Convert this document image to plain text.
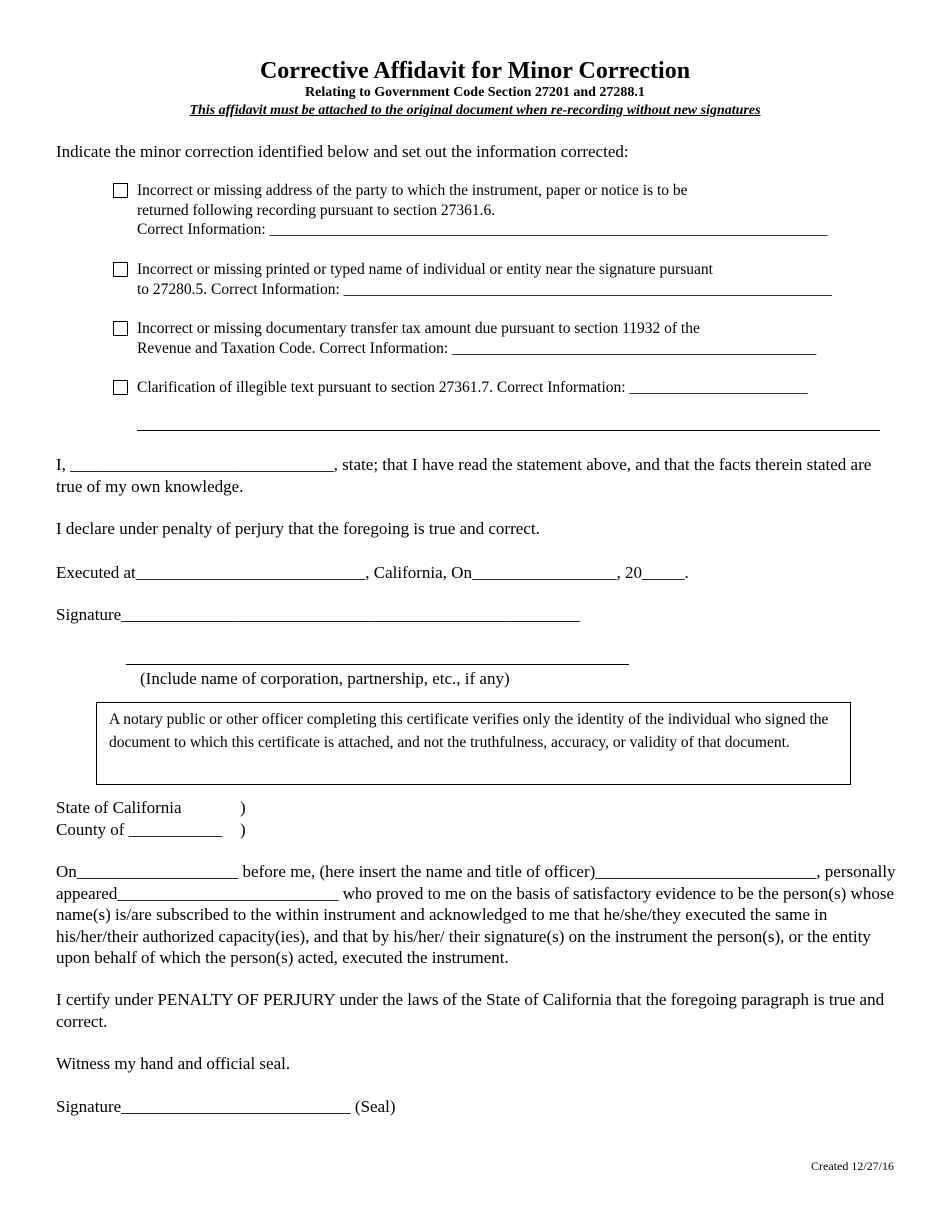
Corrective Affidavit for Minor Correction
Relating to Government Code Section 27201 and 27288.1
This affidavit must be attached to the original document when re-recording without new signatures
Indicate the minor correction identified below and set out the information corrected:
Incorrect or missing address of the party to which the instrument, paper or notice is to be
returned following recording pursuant to section 27361.6.
Correct Information: ________________________________________________________________________
Incorrect or missing printed or typed name of individual or entity near the signature pursuant
to 27280.5. Correct Information: _______________________________________________________________
Incorrect or missing documentary transfer tax amount due pursuant to section 11932 of the
Revenue and Taxation Code. Correct Information: _______________________________________________
Clarification of illegible text pursuant to section 27361.7. Correct Information: _______________________
I, _______________________________, state; that I have read the statement above, and that the facts therein stated are true of my own knowledge.
I declare under penalty of perjury that the foregoing is true and correct.
Executed at___________________________, California, On_________________, 20_____.
Signature______________________________________________________
(Include name of corporation, partnership, etc., if any)
A notary public or other officer completing this certificate verifies only the identity of the individual who signed the document to which this certificate is attached, and not the truthfulness, accuracy, or validity of that document.
State of California	)
County of ___________ )
On___________________ before me, (here insert the name and title of officer)__________________________, personally appeared__________________________ who proved to me on the basis of satisfactory evidence to be the person(s) whose name(s) is/are subscribed to the within instrument and acknowledged to me that he/she/they executed the same in his/her/their authorized capacity(ies), and that by his/her/ their signature(s) on the instrument the person(s), or the entity upon behalf of which the person(s) acted, executed the instrument.
I certify under PENALTY OF PERJURY under the laws of the State of California that the foregoing paragraph is true and correct.
Witness my hand and official seal.
Signature___________________________ (Seal)
Created 12/27/16
